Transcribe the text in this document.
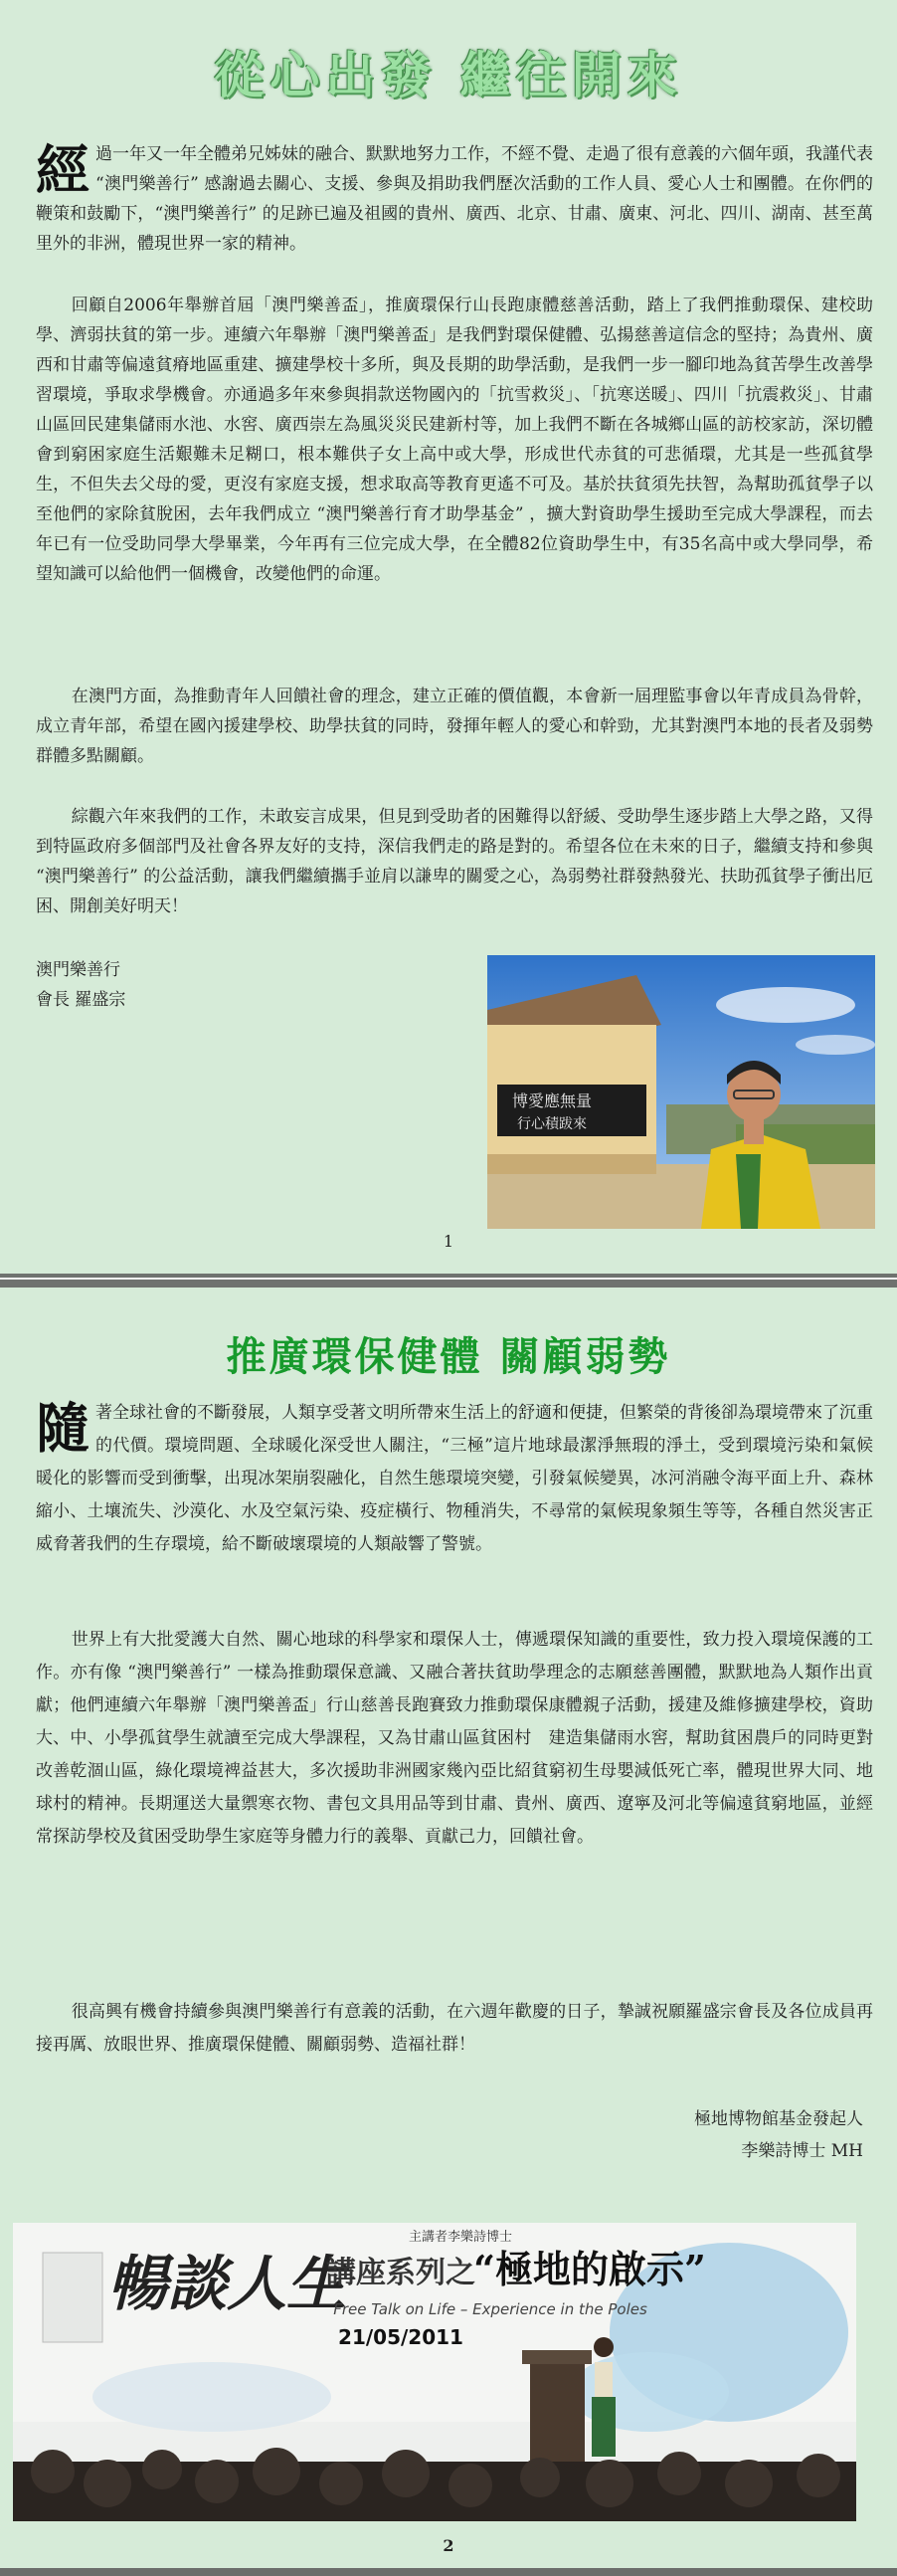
從心出發 繼往開來
經 過一年又一年全體弟兄姊妹的融合、默默地努力工作，不經不覺、走過了很有意義的六個年頭，我謹代表 “澳門樂善行” 感謝過去關心、支援、參與及捐助我們歷次活動的工作人員、愛心人士和團體。在你們的鞭策和鼓勵下，“澳門樂善行” 的足跡已遍及祖國的貴州、廣西、北京、甘肅、廣東、河北、四川、湖南、甚至萬里外的非洲，體現世界一家的精神。
回顧自2006年舉辦首屆「澳門樂善盃」，推廣環保行山長跑康體慈善活動，踏上了我們推動環保、建校助學、濟弱扶貧的第一步。連續六年舉辦「澳門樂善盃」是我們對環保健體、弘揚慈善這信念的堅持；為貴州、廣西和甘肅等偏遠貧瘠地區重建、擴建學校十多所，與及長期的助學活動，是我們一步一腳印地為貧苦學生改善學習環境，爭取求學機會。亦通過多年來參與捐款送物國內的「抗雪救災」、「抗寒送暖」、四川「抗震救災」、甘肅山區回民建集儲雨水池、水窖、廣西崇左為風災災民建新村等，加上我們不斷在各城鄉山區的訪校家訪，深切體會到窮困家庭生活艱難未足糊口，根本難供子女上高中或大學，形成世代赤貧的可悲循環，尤其是一些孤貧學生，不但失去父母的愛，更沒有家庭支援，想求取高等教育更遙不可及。基於扶貧須先扶智，為幫助孤貧學子以至他們的家除貧脫困，去年我們成立 “澳門樂善行育才助學基金” ，擴大對資助學生援助至完成大學課程，而去年已有一位受助同學大學畢業，今年再有三位完成大學，在全體82位資助學生中，有35名高中或大學同學，希望知識可以給他們一個機會，改變他們的命運。
在澳門方面，為推動青年人回饋社會的理念，建立正確的價值觀，本會新一屆理監事會以年青成員為骨幹，成立青年部，希望在國內援建學校、助學扶貧的同時，發揮年輕人的愛心和幹勁，尤其對澳門本地的長者及弱勢群體多點關顧。
綜觀六年來我們的工作，未敢妄言成果，但見到受助者的困難得以舒緩、受助學生逐步踏上大學之路，又得到特區政府多個部門及社會各界友好的支持，深信我們走的路是對的。希望各位在未來的日子，繼續支持和參與 “澳門樂善行” 的公益活動，讓我們繼續攜手並肩以謙卑的關愛之心，為弱勢社群發熱發光、扶助孤貧學子衝出厄困、開創美好明天！
澳門樂善行
會長 羅盛宗
博愛應無量
行心積跋來
1
推廣環保健體 關顧弱勢
隨 著全球社會的不斷發展，人類享受著文明所帶來生活上的舒適和便捷，但繁榮的背後卻為環境帶來了沉重的代價。環境問題、全球暖化深受世人關注，“三極”這片地球最潔淨無瑕的淨土，受到環境污染和氣候暖化的影響而受到衝擊，出現冰架崩裂融化，自然生態環境突變，引發氣候變異，冰河消融令海平面上升、森林縮小、土壤流失、沙漠化、水及空氣污染、疫症橫行、物種消失，不尋常的氣候現象頻生等等，各種自然災害正威脅著我們的生存環境，給不斷破壞環境的人類敲響了警號。
世界上有大批愛護大自然、關心地球的科學家和環保人士，傳遞環保知識的重要性，致力投入環境保護的工作。亦有像 “澳門樂善行” 一樣為推動環保意識、又融合著扶貧助學理念的志願慈善團體，默默地為人類作出貢獻；他們連續六年舉辦「澳門樂善盃」行山慈善長跑賽致力推動環保康體親子活動，援建及維修擴建學校，資助大、中、小學孤貧學生就讀至完成大學課程，又為甘肅山區貧困村　建造集儲雨水窖，幫助貧困農戶的同時更對改善乾涸山區，綠化環境裨益甚大，多次援助非洲國家幾內亞比紹貧窮初生母嬰減低死亡率，體現世界大同、地球村的精神。長期運送大量禦寒衣物、書包文具用品等到甘肅、貴州、廣西、遼寧及河北等偏遠貧窮地區，並經常探訪學校及貧困受助學生家庭等身體力行的義舉、貢獻己力，回饋社會。
很高興有機會持續參與澳門樂善行有意義的活動，在六週年歡慶的日子，摯誠祝願羅盛宗會長及各位成員再接再厲、放眼世界、推廣環保健體、關顧弱勢、造福社群！
極地博物館基金發起人
李樂詩博士 MH
主講者李樂詩博士
暢談人生
講座系列之
“極地的啟示”
Free Talk on Life – Experience in the Poles
21/05/2011
2
